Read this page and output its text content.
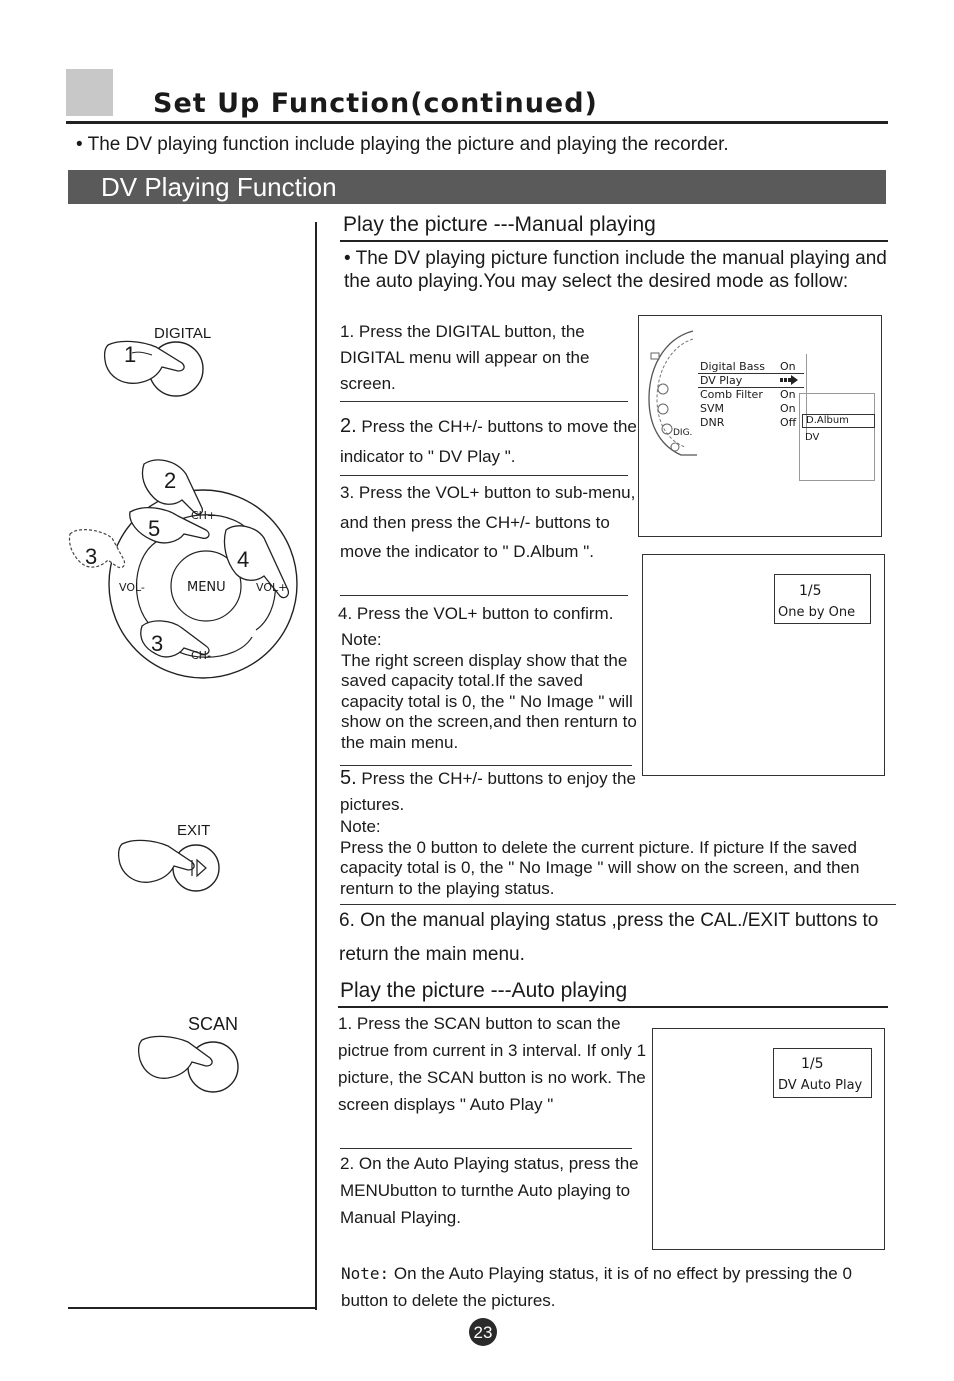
Set Up Function(continued)
• The DV playing function include playing the picture and playing the recorder.
DV Playing Function
Play the picture ---Manual playing
• The DV playing picture function include the manual playing and the auto playing.You may select the desired mode as follow:
1. Press the DIGITAL button, the DIGITAL menu will appear on the screen.
2. Press the CH+/- buttons to move the indicator to " DV Play ".
3. Press the VOL+ button to sub-menu, and then press the CH+/- buttons to move the indicator to " D.Album ".
4. Press the VOL+ button to confirm.
Note:
The right screen display show that the saved capacity total.If the saved capacity total is 0, the " No Image " will show on the screen,and then renturn to the main menu.
5. Press the CH+/- buttons to enjoy the pictures.
Note:
Press the 0 button to delete the current picture. If picture If the saved capacity total is 0, the " No Image " will show on the screen, and then renturn to the playing status.
6. On the manual playing status ,press the CAL./EXIT buttons to return the main menu.
DIG.
Digital Bass On
DV Play
Comb Filter On
SVM	On
DNR	Off D.Album
DV
1/5
One by One
Play the picture ---Auto playing
1. Press the SCAN button to scan the pictrue from current in 3 interval. If only 1 picture, the SCAN button is no work. The screen displays " Auto Play "
2. On the Auto Playing status, press the MENUbutton to turnthe Auto playing to Manual Playing.
1/5
DV Auto Play
Note: On the Auto Playing status, it is of no effect by pressing the 0 button to delete the pictures.
23
DIGITAL
1
CH+
CH-
VOL-	VOL+
MENU
2
5
3	4
3
EXIT
SCAN
